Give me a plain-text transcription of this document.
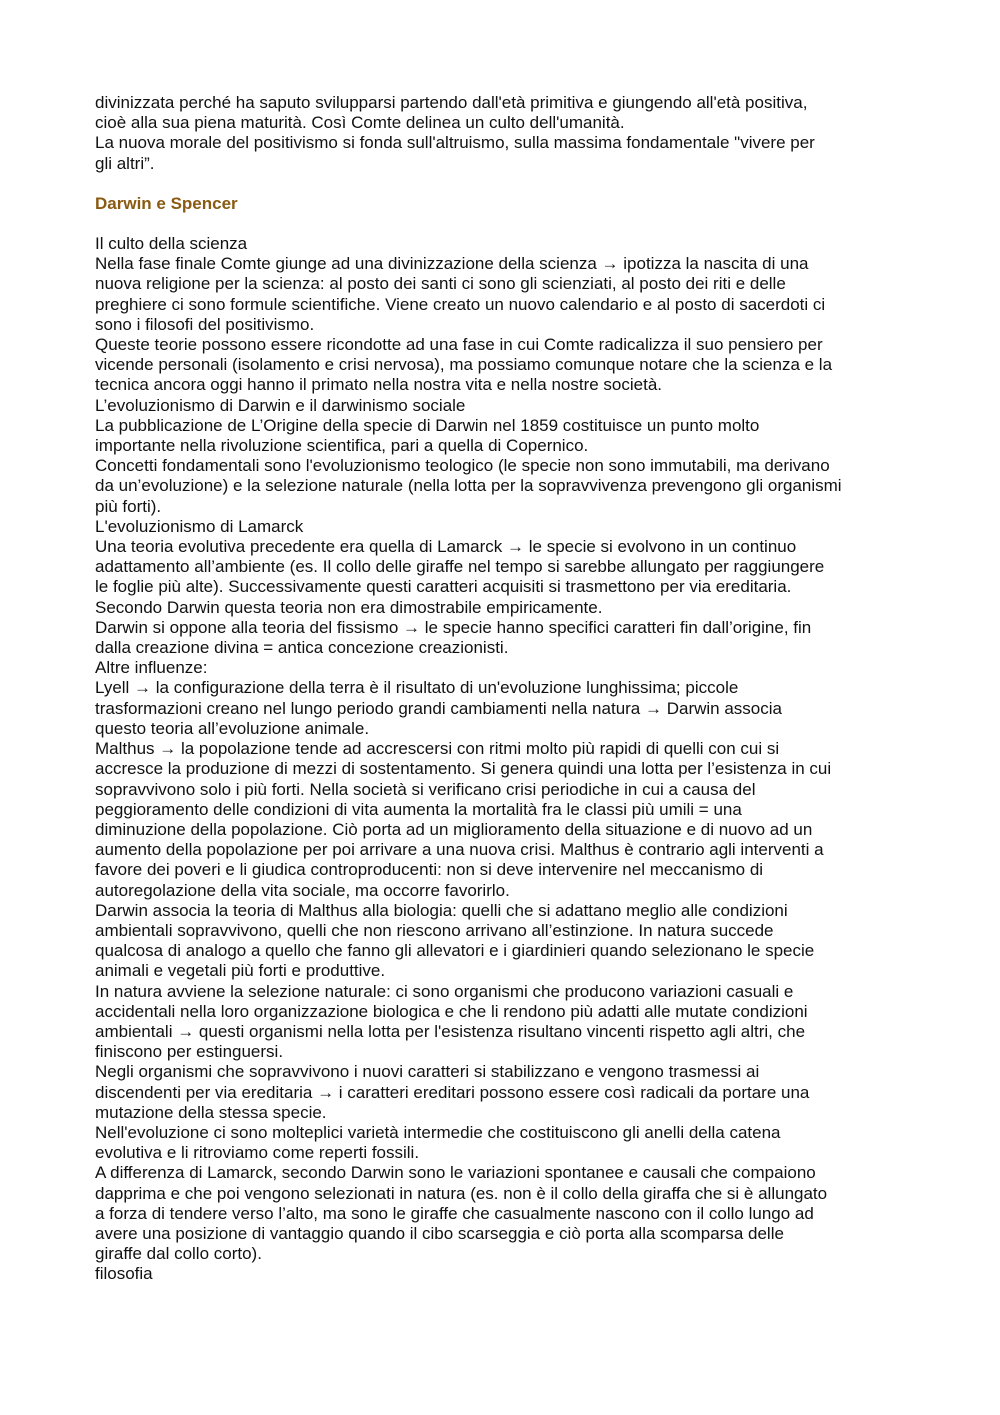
divinizzata perché ha saputo svilupparsi partendo dall'età primitiva e giungendo all'età positiva,
cioè alla sua piena maturità. Così Comte delinea un culto dell'umanità.

La nuova morale del positivismo si fonda sull'altruismo, sulla massima fondamentale "vivere per
gli altri”.

Darwin e Spencer

Il culto della scienza

Nella fase finale Comte giunge ad una divinizzazione della scienza → ipotizza la nascita di una
nuova religione per la scienza: al posto dei santi ci sono gli scienziati, al posto dei riti e delle
preghiere ci sono formule scientifiche. Viene creato un nuovo calendario e al posto di sacerdoti ci
sono i filosofi del positivismo.

Queste teorie possono essere ricondotte ad una fase in cui Comte radicalizza il suo pensiero per
vicende personali (isolamento e crisi nervosa), ma possiamo comunque notare che la scienza e la
tecnica ancora oggi hanno il primato nella nostra vita e nella nostre società.

L’evoluzionismo di Darwin e il darwinismo sociale

La pubblicazione de L’Origine della specie di Darwin nel 1859 costituisce un punto molto
importante nella rivoluzione scientifica, pari a quella di Copernico.

Concetti fondamentali sono l'evoluzionismo teologico (le specie non sono immutabili, ma derivano
da un’evoluzione) e la selezione naturale (nella lotta per la sopravvivenza prevengono gli organismi
più forti).

L'evoluzionismo di Lamarck

Una teoria evolutiva precedente era quella di Lamarck → le specie si evolvono in un continuo
adattamento all’ambiente (es. Il collo delle giraffe nel tempo si sarebbe allungato per raggiungere
le foglie più alte). Successivamente questi caratteri acquisiti si trasmettono per via ereditaria.
Secondo Darwin questa teoria non era dimostrabile empiricamente.

Darwin si oppone alla teoria del fissismo → le specie hanno specifici caratteri fin dall’origine, fin
dalla creazione divina = antica concezione creazionisti.

Altre influenze:

Lyell → la configurazione della terra è il risultato di un'evoluzione lunghissima; piccole
trasformazioni creano nel lungo periodo grandi cambiamenti nella natura → Darwin associa
questo teoria all’evoluzione animale.

Malthus → la popolazione tende ad accrescersi con ritmi molto più rapidi di quelli con cui si
accresce la produzione di mezzi di sostentamento. Si genera quindi una lotta per l’esistenza in cui
sopravvivono solo i più forti. Nella società si verificano crisi periodiche in cui a causa del
peggioramento delle condizioni di vita aumenta la mortalità fra le classi più umili = una
diminuzione della popolazione. Ciò porta ad un miglioramento della situazione e di nuovo ad un
aumento della popolazione per poi arrivare a una nuova crisi. Malthus è contrario agli interventi a
favore dei poveri e li giudica controproducenti: non si deve intervenire nel meccanismo di
autoregolazione della vita sociale, ma occorre favorirlo.

Darwin associa la teoria di Malthus alla biologia: quelli che si adattano meglio alle condizioni
ambientali sopravvivono, quelli che non riescono arrivano all’estinzione. In natura succede
qualcosa di analogo a quello che fanno gli allevatori e i giardinieri quando selezionano le specie
animali e vegetali più forti e produttive.

In natura avviene la selezione naturale: ci sono organismi che producono variazioni casuali e
accidentali nella loro organizzazione biologica e che li rendono più adatti alle mutate condizioni
ambientali → questi organismi nella lotta per l'esistenza risultano vincenti rispetto agli altri, che
finiscono per estinguersi.

Negli organismi che sopravvivono i nuovi caratteri si stabilizzano e vengono trasmessi ai
discendenti per via ereditaria → i caratteri ereditari possono essere così radicali da portare una
mutazione della stessa specie.

Nell'evoluzione ci sono molteplici varietà intermedie che costituiscono gli anelli della catena
evolutiva e li ritroviamo come reperti fossili.

A differenza di Lamarck, secondo Darwin sono le variazioni spontanee e causali che compaiono
dapprima e che poi vengono selezionati in natura (es. non è il collo della giraffa che si è allungato
a forza di tendere verso l’alto, ma sono le giraffe che casualmente nascono con il collo lungo ad
avere una posizione di vantaggio quando il cibo scarseggia e ciò porta alla scomparsa delle
giraffe dal collo corto).

filosofia
